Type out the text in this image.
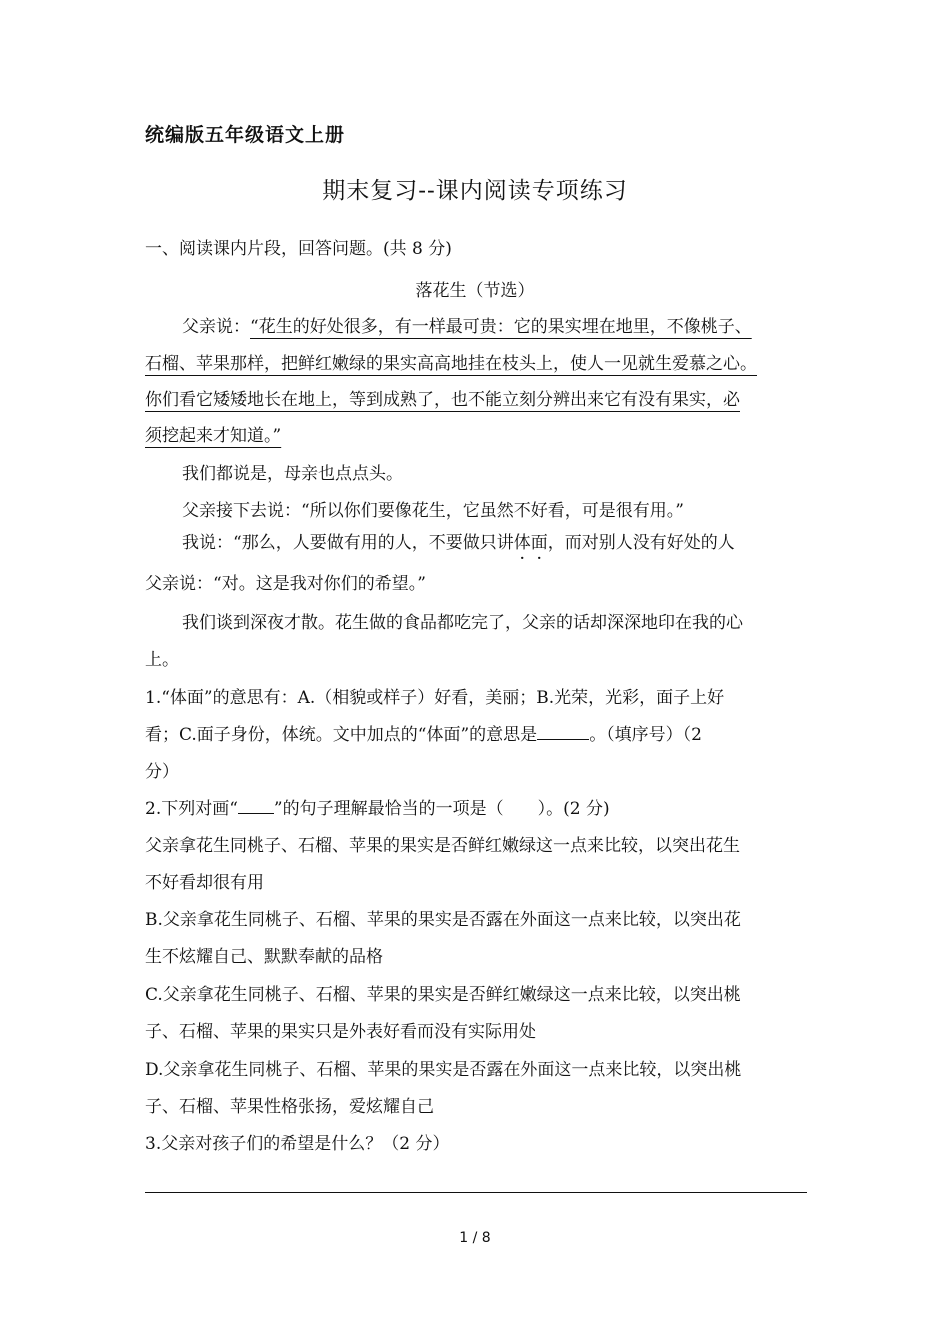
统编版五年级语文上册
期末复习--课内阅读专项练习
一、阅读课内片段，回答问题。(共 8 分)
落花生（节选）
父亲说：“花生的好处很多，有一样最可贵：它的果实埋在地里，不像桃子、
石榴、苹果那样，把鲜红嫩绿的果实高高地挂在枝头上，使人一见就生爱慕之心。
你们看它矮矮地长在地上，等到成熟了，也不能立刻分辨出来它有没有果实，必
须挖起来才知道。”
我们都说是，母亲也点点头。
父亲接下去说：“所以你们要像花生，它虽然不好看，可是很有用。”
我说：“那么，人要做有用的人，不要做只讲体面，而对别人没有好处的人
父亲说：“对。这是我对你们的希望。”
我们谈到深夜才散。花生做的食品都吃完了，父亲的话却深深地印在我的心
上。
1.“体面”的意思有：A.（相貌或样子）好看，美丽；B.光荣，光彩，面子上好
看；C.面子身份，体统。文中加点的“体面”的意思是	。（填序号）（2
分）
2.下列对画“ ”的句子理解最恰当的一项是（　　）。(2 分)
父亲拿花生同桃子、石榴、苹果的果实是否鲜红嫩绿这一点来比较，以突出花生
不好看却很有用
B.父亲拿花生同桃子、石榴、苹果的果实是否露在外面这一点来比较，以突出花
生不炫耀自己、默默奉献的品格
C.父亲拿花生同桃子、石榴、苹果的果实是否鲜红嫩绿这一点来比较，以突出桃
子、石榴、苹果的果实只是外表好看而没有实际用处
D.父亲拿花生同桃子、石榴、苹果的果实是否露在外面这一点来比较，以突出桃
子、石榴、苹果性格张扬，爱炫耀自己
3.父亲对孩子们的希望是什么？（2 分）
1 / 8
